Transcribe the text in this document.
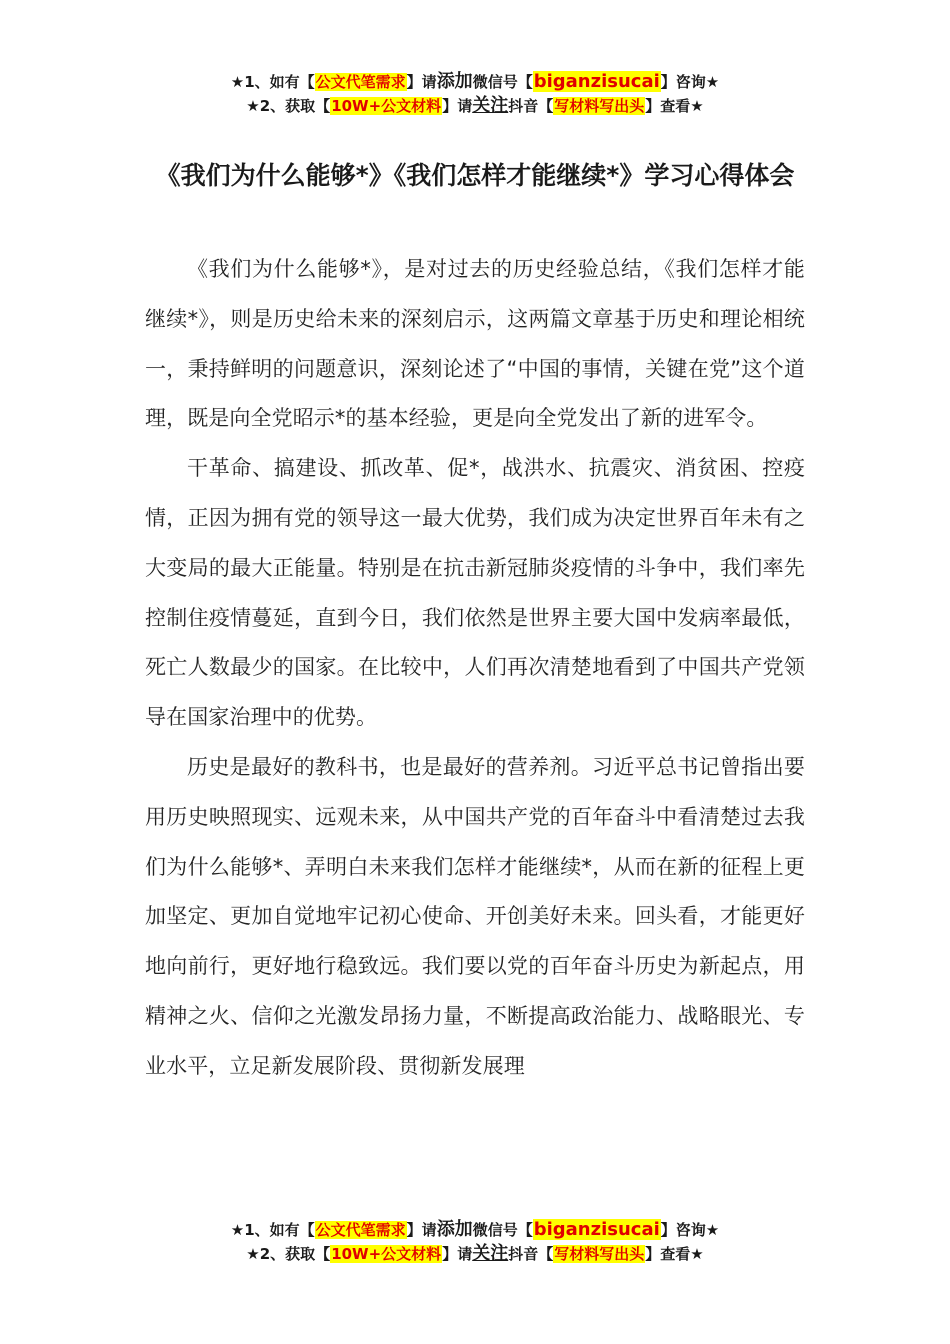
★1、如有【公文代笔需求】请添加微信号【biganzisucai】咨询★
★2、获取【10W+公文材料】请关注抖音【写材料写出头】查看★
《我们为什么能够*》《我们怎样才能继续*》学习心得体会

《我们为什么能够*》，是对过去的历史经验总结，《我们怎样才能继续*》，则是历史给未来的深刻启示，这两篇文章基于历史和理论相统一，秉持鲜明的问题意识，深刻论述了“中国的事情，关键在党”这个道理，既是向全党昭示*的基本经验，更是向全党发出了新的进军令。

干革命、搞建设、抓改革、促*，战洪水、抗震灾、消贫困、控疫情，正因为拥有党的领导这一最大优势，我们成为决定世界百年未有之大变局的最大正能量。特别是在抗击新冠肺炎疫情的斗争中，我们率先控制住疫情蔓延，直到今日，我们依然是世界主要大国中发病率最低，死亡人数最少的国家。在比较中，人们再次清楚地看到了中国共产党领导在国家治理中的优势。

历史是最好的教科书，也是最好的营养剂。习近平总书记曾指出要用历史映照现实、远观未来，从中国共产党的百年奋斗中看清楚过去我们为什么能够*、弄明白未来我们怎样才能继续*，从而在新的征程上更加坚定、更加自觉地牢记初心使命、开创美好未来。回头看，才能更好地向前行，更好地行稳致远。我们要以党的百年奋斗历史为新起点，用精神之火、信仰之光激发昂扬力量，不断提高政治能力、战略眼光、专业水平，立足新发展阶段、贯彻新发展理

★1、如有【公文代笔需求】请添加微信号【biganzisucai】咨询★
★2、获取【10W+公文材料】请关注抖音【写材料写出头】查看★
